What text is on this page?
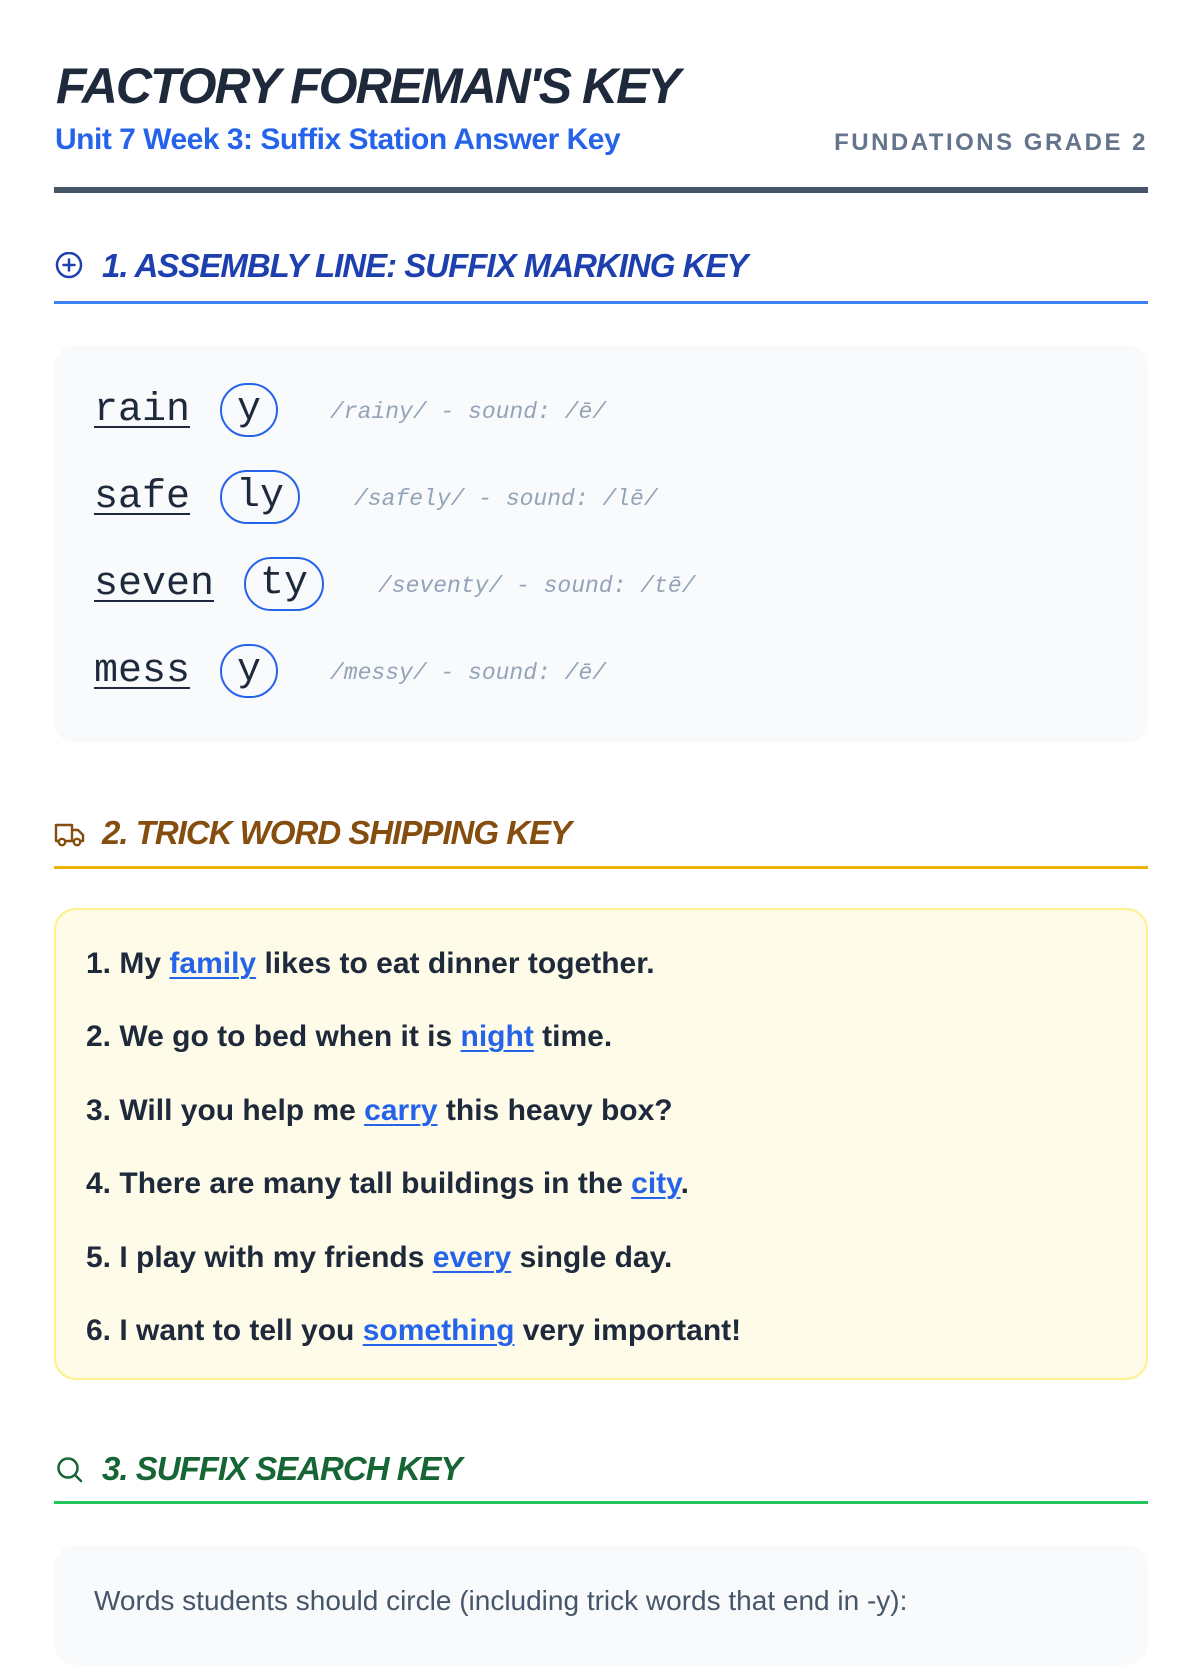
FACTORY FOREMAN'S KEY
Unit 7 Week 3: Suffix Station Answer Key	FUNDATIONS GRADE 2
1. ASSEMBLY LINE: SUFFIX MARKING KEY
rain	y	/rainy/ - sound: /ē/
safe	ly	/safely/ - sound: /lē/
seven	ty	/seventy/ - sound: /tē/
mess	y	/messy/ - sound: /ē/
2. TRICK WORD SHIPPING KEY
1. My family likes to eat dinner together.
2. We go to bed when it is night time.
3. Will you help me carry this heavy box?
4. There are many tall buildings in the city.
5. I play with my friends every single day.
6. I want to tell you something very important!
3. SUFFIX SEARCH KEY
Words students should circle (including trick words that end in -y):
